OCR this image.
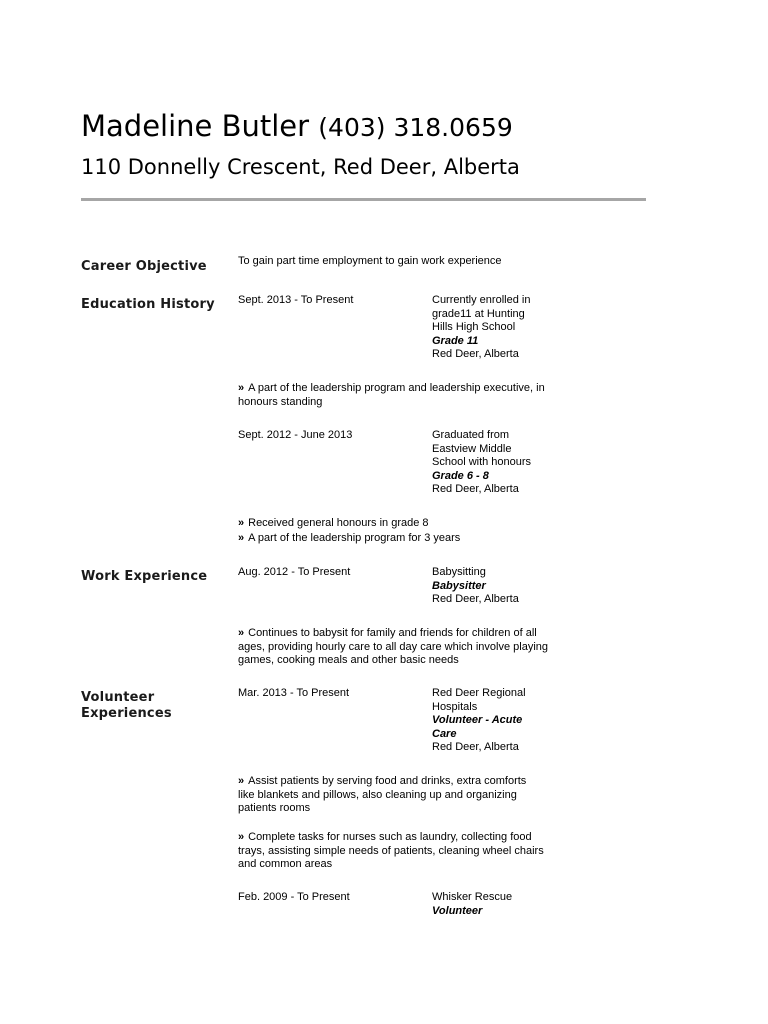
Madeline Butler (403) 318.0659
110 Donnelly Crescent, Red Deer, Alberta
Career Objective	To gain part time employment to gain work experience
Education History Sept. 2013 - To Present	Currently enrolled in grade11 at Hunting Hills High School
Grade 11
Red Deer, Alberta
» A part of the leadership program and leadership executive, in honours standing
Sept. 2012 - June 2013	Graduated from Eastview Middle School with honours
Grade 6 - 8
Red Deer, Alberta
» Received general honours in grade 8
» A part of the leadership program for 3 years
Work Experience	Aug. 2012 - To Present	Babysitting
Babysitter
Red Deer, Alberta
» Continues to babysit for family and friends for children of all ages, providing hourly care to all day care which involve playing games, cooking meals and other basic needs
Volunteer Experiences
Mar. 2013 - To Present	Red Deer Regional Hospitals
Volunteer - Acute Care
Red Deer, Alberta
» Assist patients by serving food and drinks, extra comforts like blankets and pillows, also cleaning up and organizing patients rooms
» Complete tasks for nurses such as laundry, collecting food trays, assisting simple needs of patients, cleaning wheel chairs and common areas
Feb. 2009 - To Present	Whisker Rescue
Volunteer
